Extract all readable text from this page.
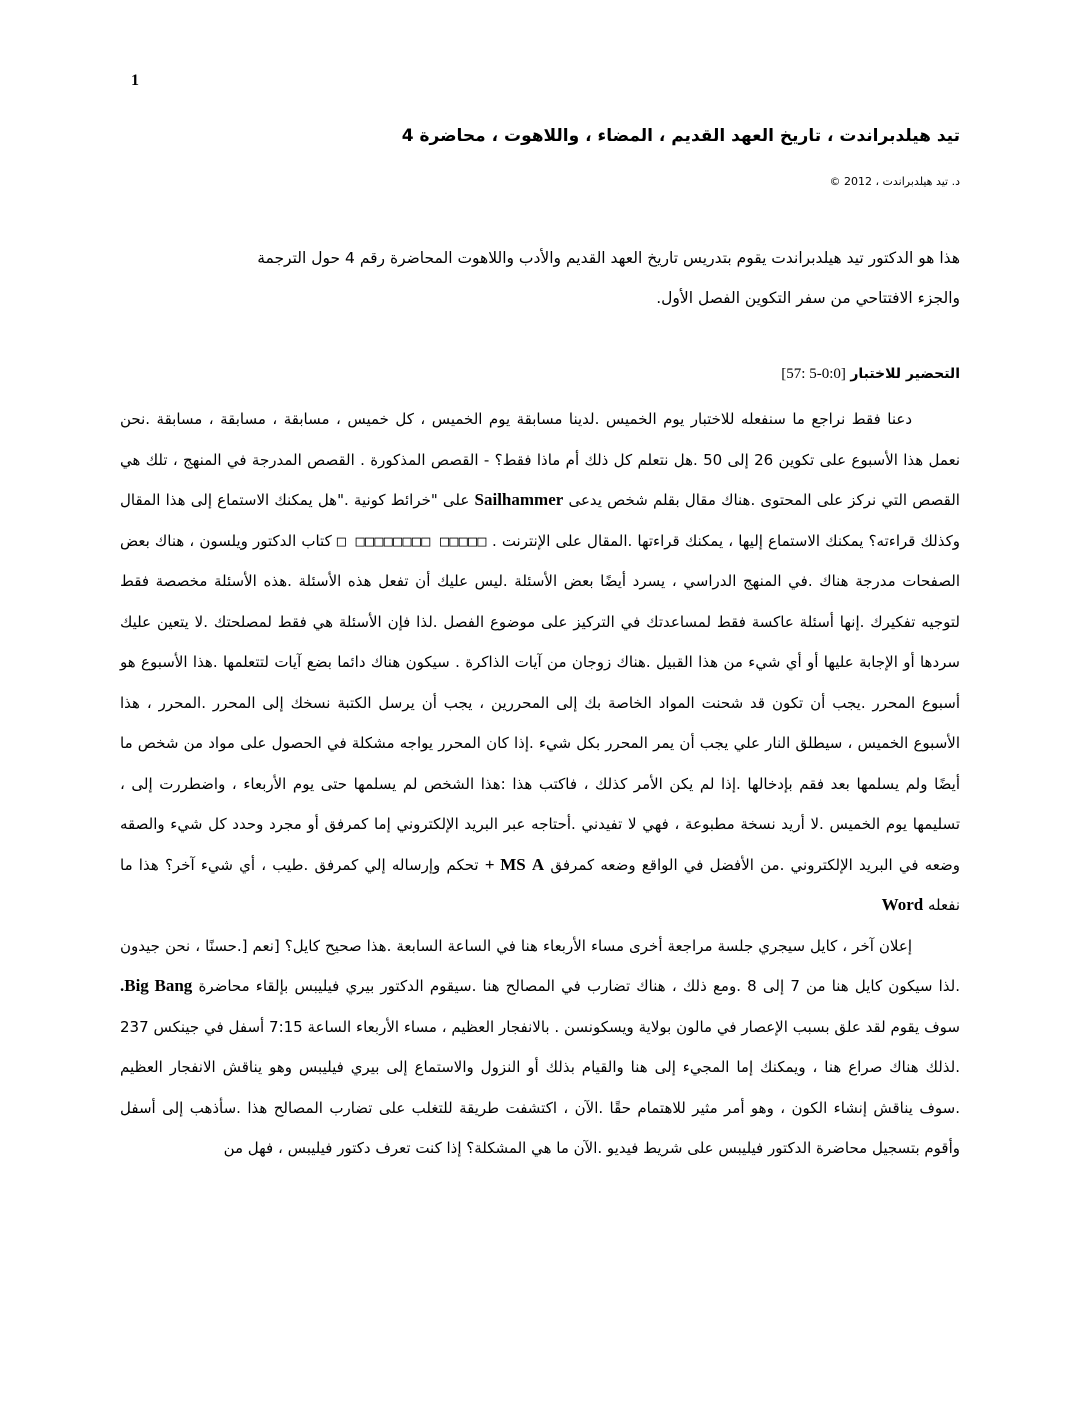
1
تيد هيلدبراندت ، تاريخ العهد القديم ، المضاء ، واللاهوت ، محاضرة 4
د. تيد هيلدبراندت ، 2012 ©

هذا هو الدكتور تيد هيلدبراندت يقوم بتدريس تاريخ العهد القديم والأدب واللاهوت المحاضرة رقم 4 حول الترجمة

والجزء الافتتاحي من سفر التكوين الفصل الأول.

التحضير للاختبار [0:0-5 :57]

دعنا فقط نراجع ما سنفعله للاختبار يوم الخميس .لدينا مسابقة يوم الخميس ، كل خميس ، مسابقة ، مسابقة ، مسابقة .نحن نعمل هذا الأسبوع على تكوين 26 إلى 50 .هل نتعلم كل ذلك أم ماذا فقط؟ - القصص المذكورة . القصص المدرجة في المنهج ، تلك هي القصص التي نركز على المحتوى .هناك مقال بقلم شخص يدعى Sailhammer على "خرائط كونية ."هل يمكنك الاستماع إلى هذا المقال وكذلك قراءته؟ يمكنك الاستماع إليها ، يمكنك قراءتها .المقال على الإنترنت . □□□□□ □□□□□□□□ □ كتاب الدكتور ويلسون ، هناك بعض الصفحات مدرجة هناك .في المنهج الدراسي ، يسرد أيضًا بعض الأسئلة .ليس عليك أن تفعل هذه الأسئلة .هذه الأسئلة مخصصة فقط لتوجيه تفكيرك .إنها أسئلة عاكسة فقط لمساعدتك في التركيز على موضوع الفصل .لذا فإن الأسئلة هي فقط لمصلحتك .لا يتعين عليك سردها أو الإجابة عليها أو أي شيء من هذا القبيل .هناك زوجان من آيات الذاكرة . سيكون هناك دائما بضع آيات لتتعلمها .هذا الأسبوع هو أسبوع المحرر .يجب أن تكون قد شحنت المواد الخاصة بك إلى المحررين ، يجب أن يرسل الكتبة نسخك إلى المحرر .المحرر ، هذا الأسبوع الخميس ، سيطلق النار علي يجب أن يمر المحرر بكل شيء .إذا كان المحرر يواجه مشكلة في الحصول على مواد من شخص ما أيضًا ولم يسلمها بعد فقم بإدخالها .إذا لم يكن الأمر كذلك ، فاكتب هذا :هذا الشخص لم يسلمها حتى يوم الأربعاء ، واضطررت إلى ، تسليمها يوم الخميس .لا أريد نسخة مطبوعة ، فهي لا تفيدني .أحتاجه عبر البريد الإلكتروني إما كمرفق أو مجرد وحدد كل شيء والصقه وضعه في البريد الإلكتروني .من الأفضل في الواقع وضعه كمرفق MS A + تحكم وإرساله إلي كمرفق .طيب ، أي شيء آخر؟ هذا ما نفعله Word

إعلان آخر ، كايل سيجري جلسة مراجعة أخرى مساء الأربعاء هنا في الساعة السابعة .هذا صحيح كايل؟ [نعم [.حسنًا ، نحن جيدون .لذا سيكون كايل هنا من 7 إلى 8 .ومع ذلك ، هناك تضارب في المصالح هنا .سيقوم الدكتور بيري فيليبس بإلقاء محاضرة Big Bang. سوف يقوم لقد علق بسبب الإعصار في مالون بولاية ويسكونسن . بالانفجار العظيم ، مساء الأربعاء الساعة 7:15 أسفل في جينكس 237 .لذلك هناك صراع هنا ، ويمكنك إما المجيء إلى هنا والقيام بذلك أو النزول والاستماع إلى بيري فيليبس وهو يناقش الانفجار العظيم .سوف يناقش إنشاء الكون ، وهو أمر مثير للاهتمام حقًا .الآن ، اكتشفت طريقة للتغلب على تضارب المصالح هذا .سأذهب إلى أسفل وأقوم بتسجيل محاضرة الدكتور فيليبس على شريط فيديو .الآن ما هي المشكلة؟ إذا كنت تعرف دكتور فيليبس ، فهل من
